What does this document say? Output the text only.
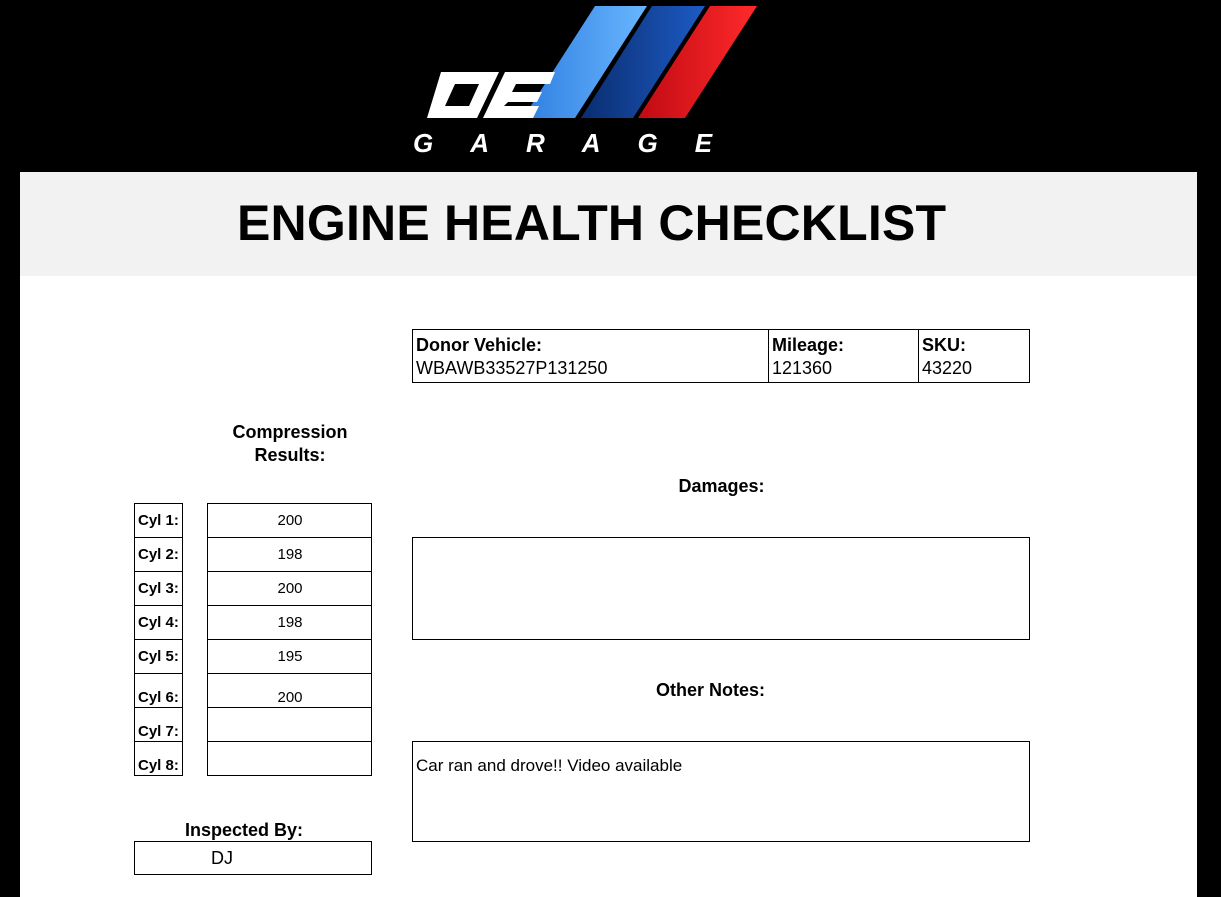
GARAGE
ENGINE HEALTH CHECKLIST
Donor Vehicle:
WBAWB33527P131250
Mileage:
121360
SKU:
43220
Compression
Results:
Cyl 1:
Cyl 2:
Cyl 3:
Cyl 4:
Cyl 5:
Cyl 6:
Cyl 7:
Cyl 8:
200
198
200
198
195
200
Damages:
Other Notes:
Car ran and drove!! Video available
Inspected By:
DJ
